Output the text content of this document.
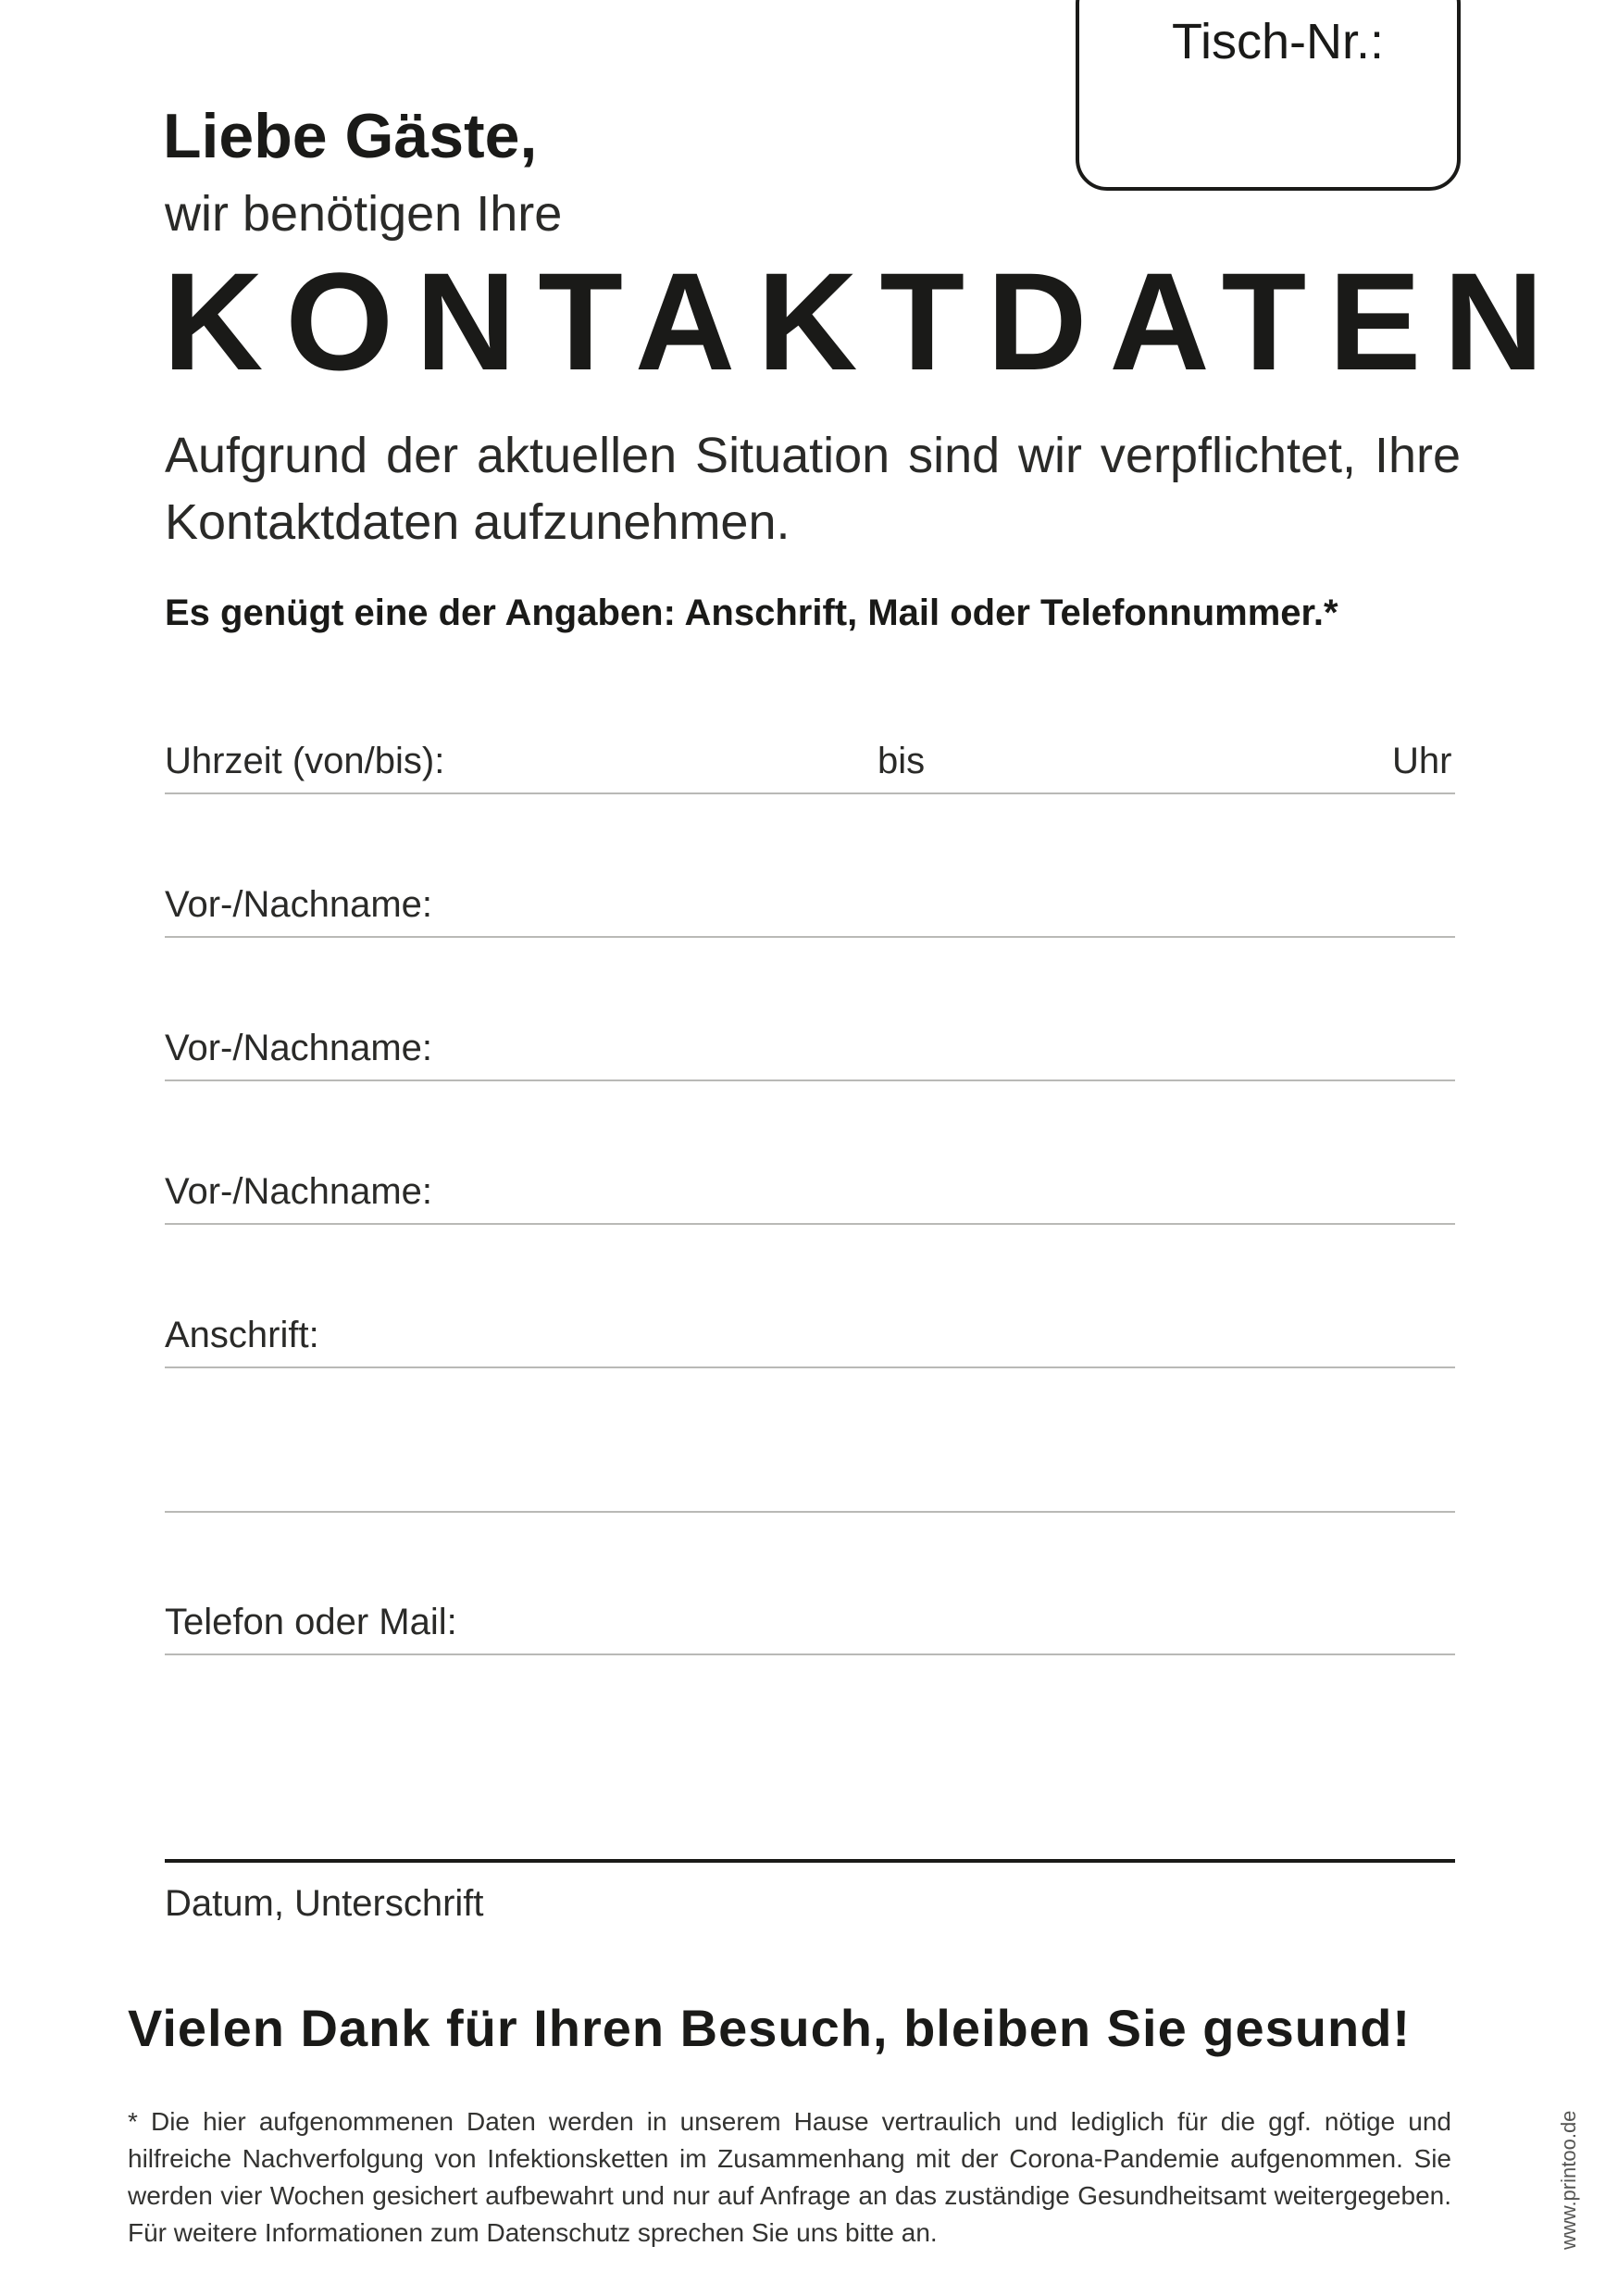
Tisch-Nr.:
Liebe Gäste,
wir benötigen Ihre
KONTAKTDATEN
Aufgrund der aktuellen Situation sind wir verpflichtet, Ihre Kontaktdaten aufzunehmen.
Es genügt eine der Angaben: Anschrift, Mail oder Telefonnummer.*
Uhrzeit (von/bis):	bis	Uhr
Vor-/Nachname:
Vor-/Nachname:
Vor-/Nachname:
Anschrift:
Telefon oder Mail:
Datum, Unterschrift
Vielen Dank für Ihren Besuch, bleiben Sie gesund!
* Die hier aufgenommenen Daten werden in unserem Hause vertraulich und lediglich für die ggf. nötige und hilfreiche Nachverfolgung von Infektionsketten im Zusammenhang mit der Corona-Pandemie aufgenommen. Sie werden vier Wochen gesichert aufbewahrt und nur auf Anfrage an das zuständige Gesundheitsamt weitergegeben. Für weitere Informationen zum Datenschutz sprechen Sie uns bitte an.	www.printoo.de
